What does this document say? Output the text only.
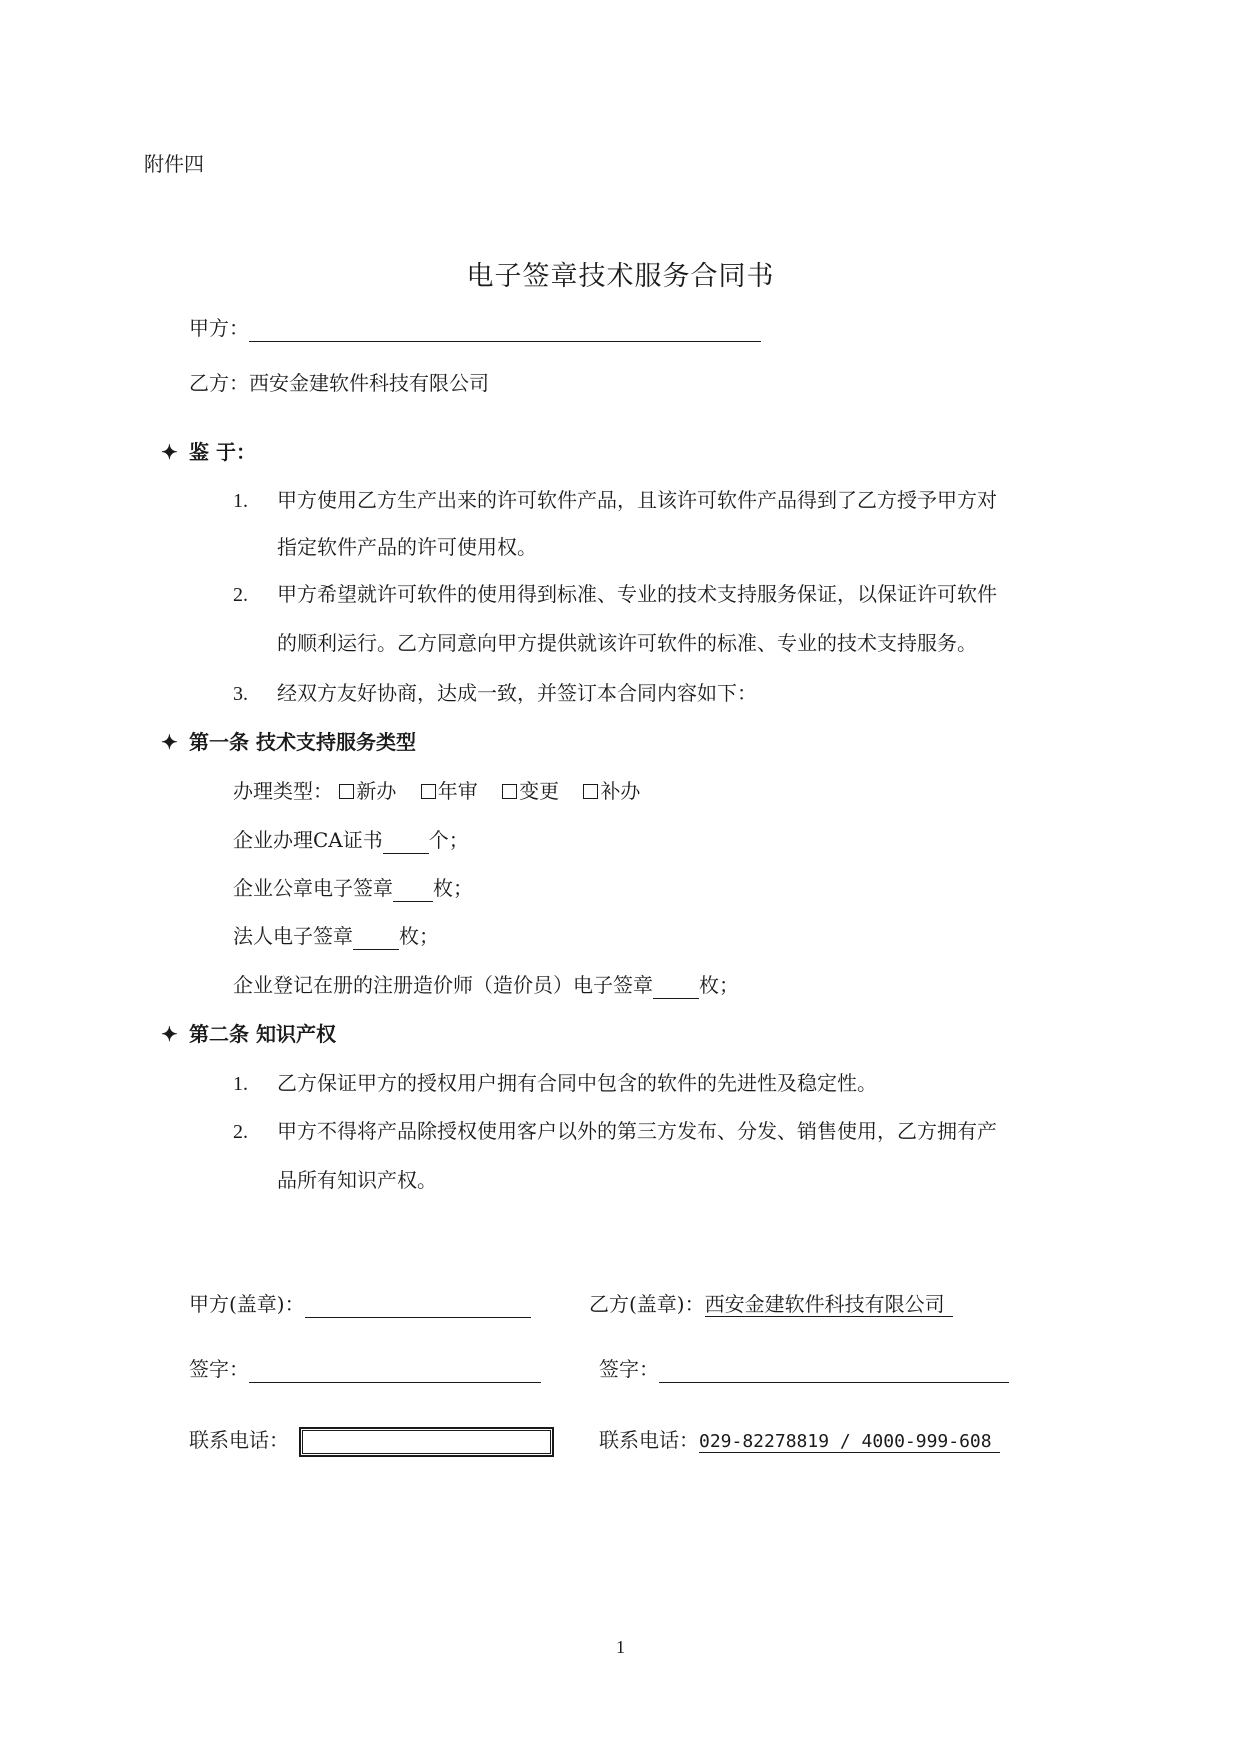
附件四
电子签章技术服务合同书
甲方：
乙方：西安金建软件科技有限公司
✦ 鉴 于：
1. 甲方使用乙方生产出来的许可软件产品，且该许可软件产品得到了乙方授予甲方对
指定软件产品的许可使用权。
2. 甲方希望就许可软件的使用得到标准、专业的技术支持服务保证，以保证许可软件
的顺利运行。乙方同意向甲方提供就该许可软件的标准、专业的技术支持服务。
3. 经双方友好协商，达成一致，并签订本合同内容如下：
✦ 第一条 技术支持服务类型
办理类型： 新办 年审 变更 补办
企业办理CA证书 个；
企业公章电子签章 枚；
法人电子签章 枚；
企业登记在册的注册造价师（造价员）电子签章 枚；
✦ 第二条 知识产权
1. 乙方保证甲方的授权用户拥有合同中包含的软件的先进性及稳定性。
2. 甲方不得将产品除授权使用客户以外的第三方发布、分发、销售使用，乙方拥有产
品所有知识产权。
甲方(盖章)：	乙方(盖章)：西安金建软件科技有限公司
签字：	签字：
联系电话：	联系电话：029-82278819 / 4000-999-608
1
